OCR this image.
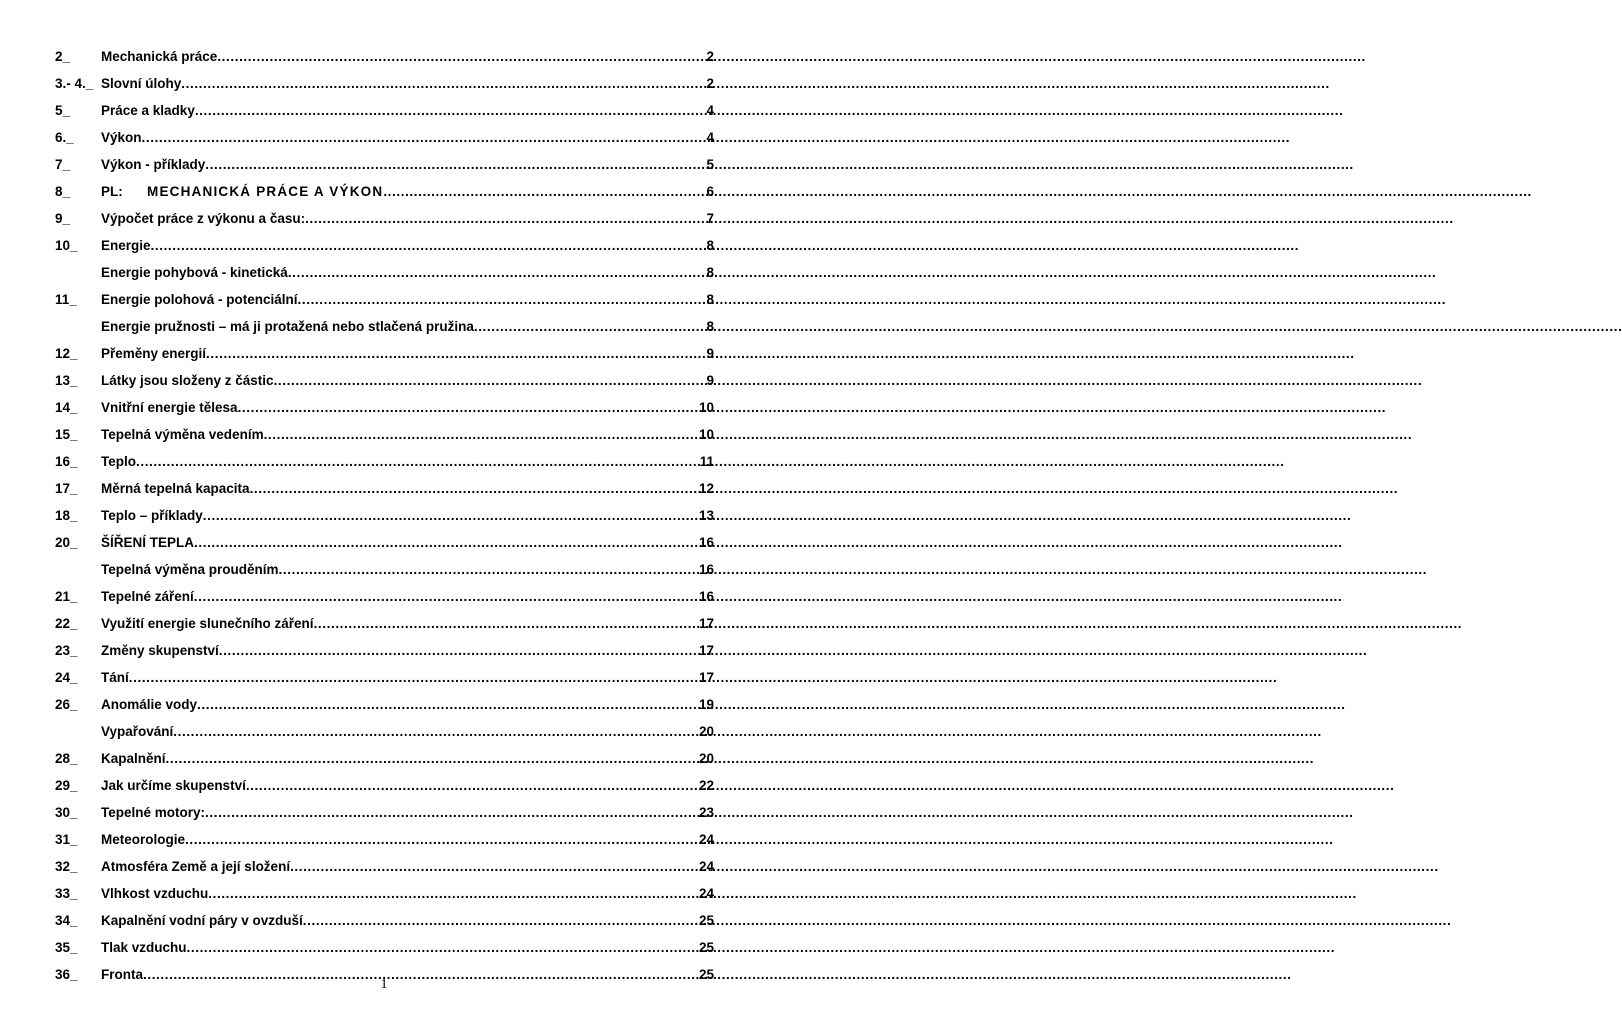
2_	Mechanická práce .....	2
3.- 4._ Slovní úlohy .....	2
5_	Práce a kladky .....	4
6._	Výkon .....	4
7_	Výkon - příklady .....	5
8_	PL: MECHANICKÁ PRÁCE A VÝKON .....	6
9_	Výpočet práce z výkonu a času: .....	7
10_	Energie .....	8
Energie pohybová - kinetická .....	8
11_	Energie polohová - potenciální .....	8
Energie pružnosti – má ji protažená nebo stlačená pružina .....	8
12_	Přeměny energií .....	9
13_	Látky jsou složeny z částic .....	9
14_	Vnitřní energie tělesa .....	10
15_	Tepelná výměna vedením .....	10
16_	Teplo .....	11
17_	Měrná tepelná kapacita .....	12
18_	Teplo – příklady .....	13
20_	ŠÍŘENÍ TEPLA .....	16
Tepelná výměna prouděním .....	16
21_	Tepelné záření .....	16
22_	Využití energie slunečního záření .....	17
23_	Změny skupenství .....	17
24_	Tání .....	17
26_	Anomálie vody .....	19
Vypařování .....	20
28_	Kapalnění .....	20
29_	Jak určíme skupenství .....	22
30_	Tepelné motory: .....	23
31_	Meteorologie .....	24
32_	Atmosféra Země a její složení .....	24
33_	Vlhkost vzduchu .....	24
34_	Kapalnění vodní páry v ovzduší .....	25
35_	Tlak vzduchu .....	25
36_	Fronta .....	25
1
